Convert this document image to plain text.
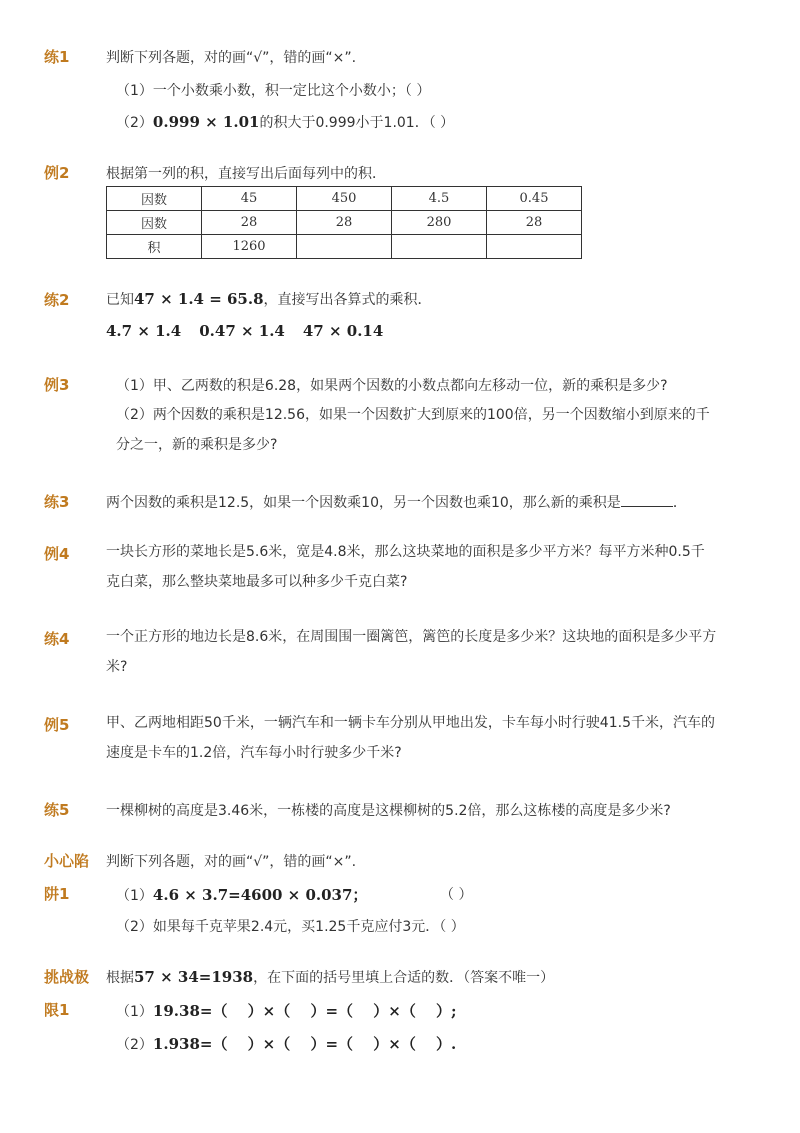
练1	判断下列各题，对的画“√”，错的画“×”.
（1）一个小数乘小数，积一定比这个小数小；（ ）
（2）0.999 × 1.01的积大于0.999小于1.01．（ ）
例2	根据第一列的积，直接写出后面每列中的积．
因数	45	450	4.5	0.45
因数	28	28	280	28
积	1260			
练2	已知47 × 1.4 = 65.8，直接写出各算式的乘积．
4.7 × 1.4 0.47 × 1.4 47 × 0.14
例3	（1）甲、乙两数的积是6.28，如果两个因数的小数点都向左移动一位，新的乘积是多少?
（2）两个因数的乘积是12.56，如果一个因数扩大到原来的100倍，另一个因数缩小到原来的千分之一，新的乘积是多少?
练3	两个因数的乘积是12.5，如果一个因数乘10，另一个因数也乘10，那么新的乘积是	．
例4	一块长方形的菜地长是5.6米，宽是4.8米，那么这块菜地的面积是多少平方米？每平方米种0.5千克白菜，那么整块菜地最多可以种多少千克白菜?
练4	一个正方形的地边长是8.6米，在周围围一圈篱笆，篱笆的长度是多少米？这块地的面积是多少平方米?
例5	甲、乙两地相距50千米，一辆汽车和一辆卡车分别从甲地出发，卡车每小时行驶41.5千米，汽车的速度是卡车的1.2倍，汽车每小时行驶多少千米?
练5	一棵柳树的高度是3.46米，一栋楼的高度是这棵柳树的5.2倍，那么这栋楼的高度是多少米?
小心陷
阱1
判断下列各题，对的画“√”，错的画“×”.
（1）4.6 × 3.7=4600 × 0.037；	（ ）
（2）如果每千克苹果2.4元，买1.25千克应付3元．（ ）
挑战极
限1
根据57 × 34=1938，在下面的括号里填上合适的数．（答案不唯一）
（1）19.38=（　 ）×（　 ）=（　 ）×（　 ）;
（2）1.938=（　 ）×（　 ）=（　 ）×（　 ）.
